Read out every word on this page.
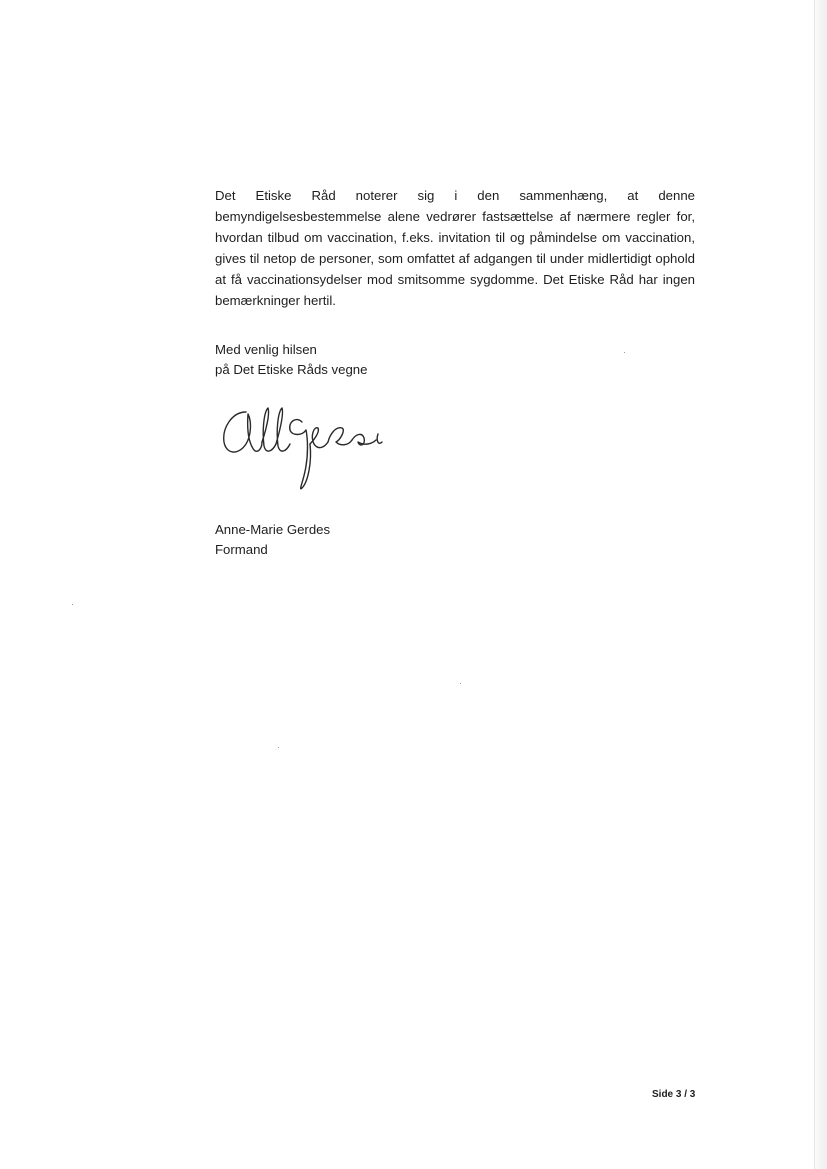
Det Etiske Råd noterer sig i den sammenhæng, at denne bemyndigelsesbestemmelse alene vedrører fastsættelse af nærmere regler for, hvordan tilbud om vaccination, f.eks. invitation til og påmindelse om vaccination, gives til netop de personer, som omfattet af adgangen til under midlertidigt ophold at få vaccinationsydelser mod smitsomme sygdomme. Det Etiske Råd har ingen bemærkninger hertil.

Med venlig hilsen
på Det Etiske Råds vegne
Anne-Marie Gerdes
Formand
Side 3 / 3
